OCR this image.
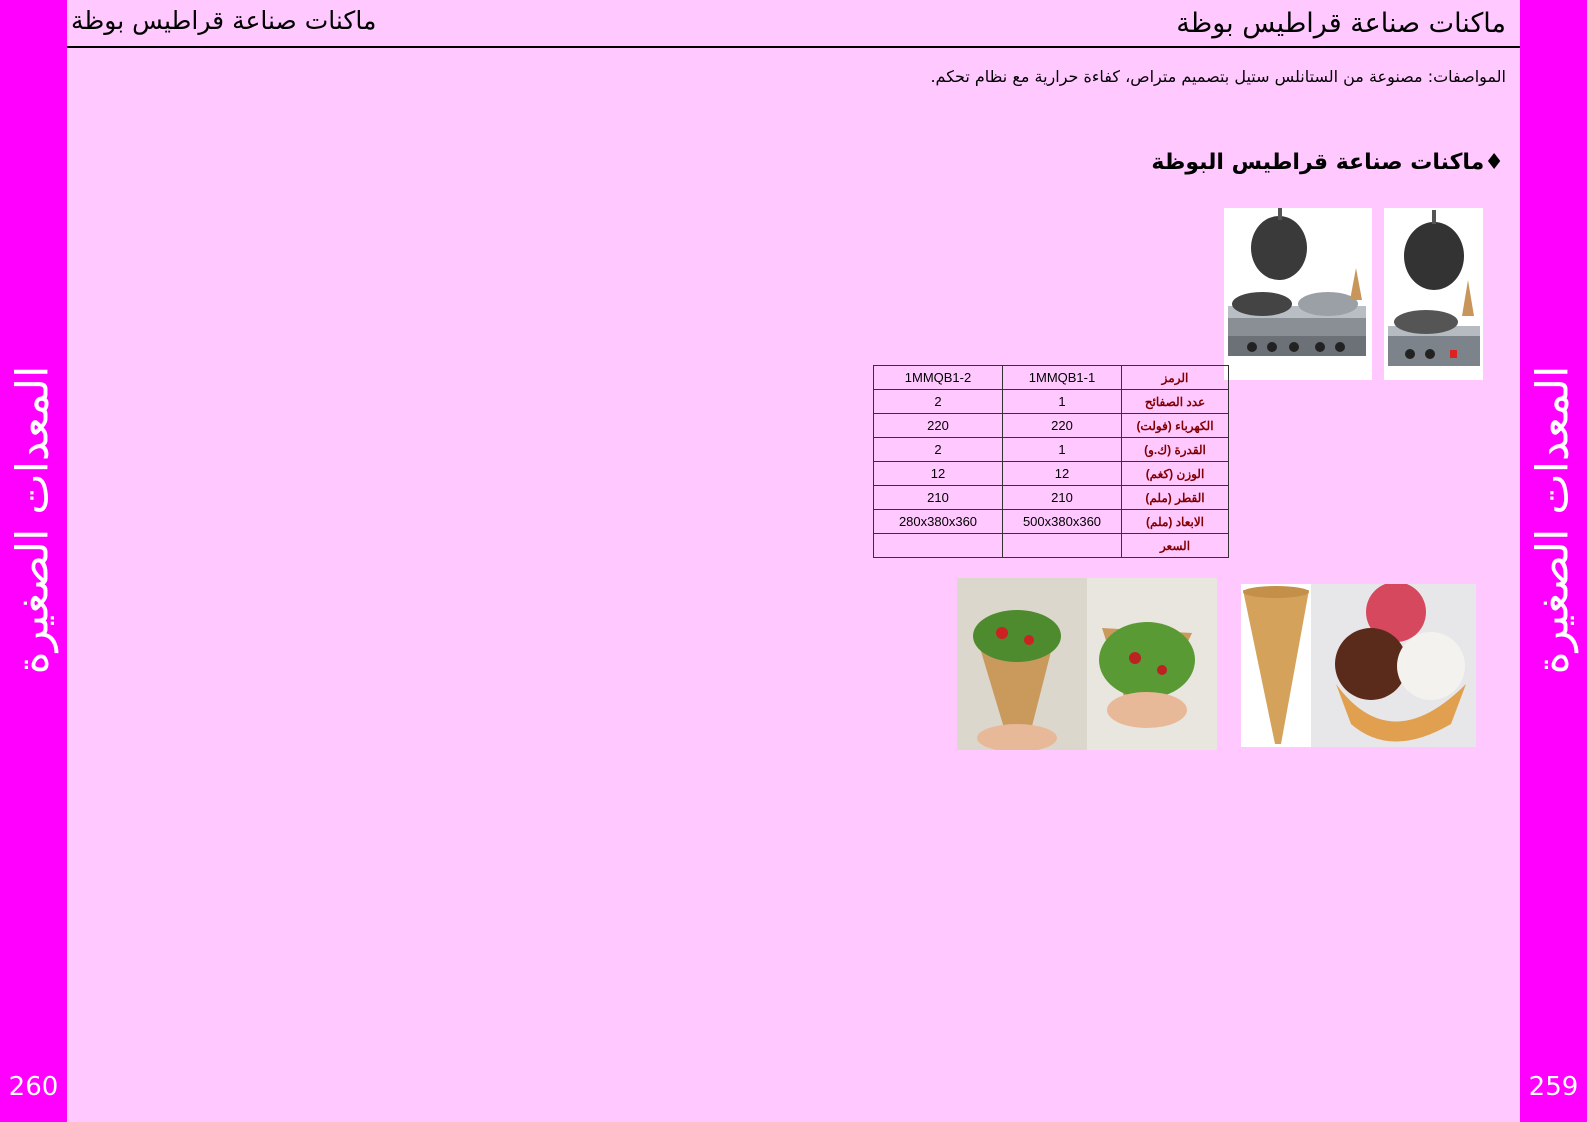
المعدات الصغيرة
260
المعدات الصغيرة
259
ماكنات صناعة قراطيس بوظة	ماكنات صناعة قراطيس بوظة
المواصفات: مصنوعة من الستانلس ستيل بتصميم متراص، كفاءة حرارية مع نظام تحكم.
♦ماكنات صناعة قراطيس البوظة
1MMQB1-2	1MMQB1-1	الرمز
2	1	عدد الصفائح
220	220	الكهرباء (فولت)
2	1	القدرة (ك.و)
12	12	الوزن (كغم)
210	210	القطر (ملم)
280x380x360	500x380x360	الابعاد (ملم)
		السعر
